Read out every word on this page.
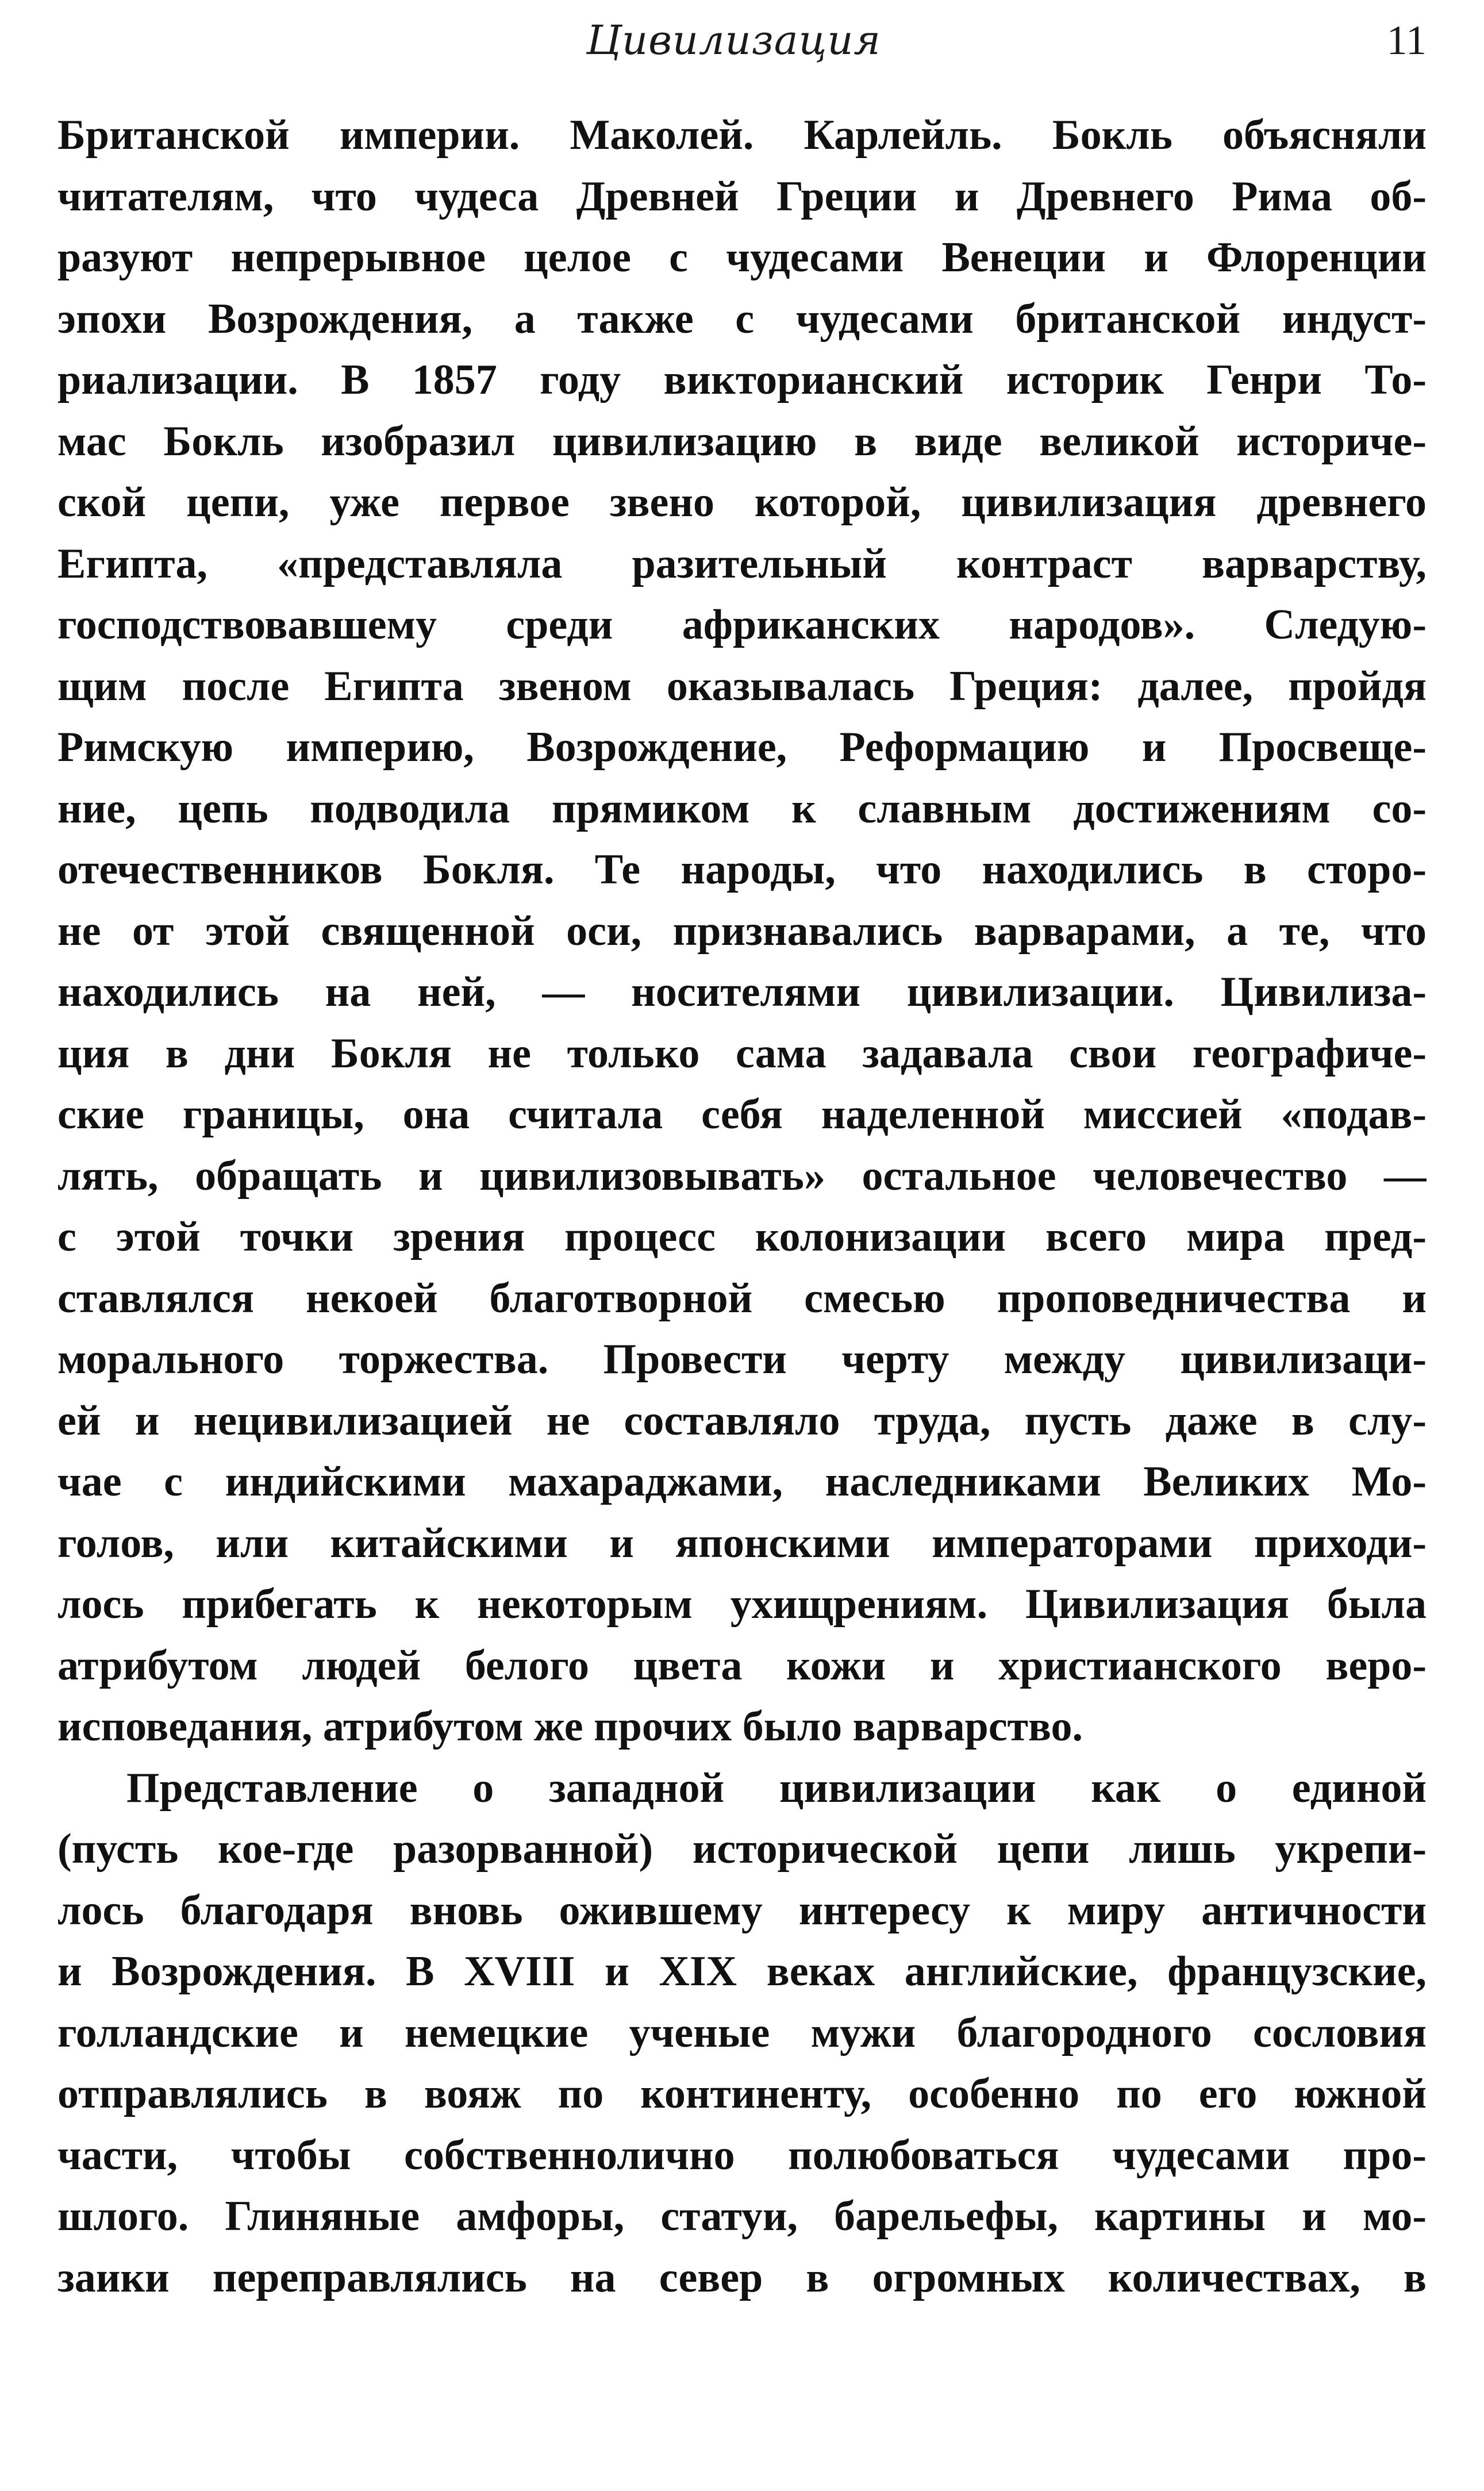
Цивилизация	11
Британской империи. Маколей. Карлейль. Бокль объясняли
читателям, что чудеса Древней Греции и Древнего Рима об-
разуют непрерывное целое с чудесами Венеции и Флоренции
эпохи Возрождения, а также с чудесами британской индуст-
риализации. В 1857 году викторианский историк Генри То-
мас Бокль изобразил цивилизацию в виде великой историче-
ской цепи, уже первое звено которой, цивилизация древнего
Египта, «представляла разительный контраст варварству,
господствовавшему среди африканских народов». Следую-
щим после Египта звеном оказывалась Греция: далее, пройдя
Римскую империю, Возрождение, Реформацию и Просвеще-
ние, цепь подводила прямиком к славным достижениям со-
отечественников Бокля. Те народы, что находились в сторо-
не от этой священной оси, признавались варварами, а те, что
находились на ней, — носителями цивилизации. Цивилиза-
ция в дни Бокля не только сама задавала свои географиче-
ские границы, она считала себя наделенной миссией «подав-
лять, обращать и цивилизовывать» остальное человечество —
с этой точки зрения процесс колонизации всего мира пред-
ставлялся некоей благотворной смесью проповедничества и
морального торжества. Провести черту между цивилизаци-
ей и нецивилизацией не составляло труда, пусть даже в слу-
чае с индийскими махараджами, наследниками Великих Мо-
голов, или китайскими и японскими императорами приходи-
лось прибегать к некоторым ухищрениям. Цивилизация была
атрибутом людей белого цвета кожи и христианского веро-
исповедания, атрибутом же прочих было варварство.
Представление о западной цивилизации как о единой
(пусть кое-где разорванной) исторической цепи лишь укрепи-
лось благодаря вновь ожившему интересу к миру античности
и Возрождения. В XVIII и XIX веках английские, французские,
голландские и немецкие ученые мужи благородного сословия
отправлялись в вояж по континенту, особенно по его южной
части, чтобы собственнолично полюбоваться чудесами про-
шлого. Глиняные амфоры, статуи, барельефы, картины и мо-
заики переправлялись на север в огромных количествах, в
